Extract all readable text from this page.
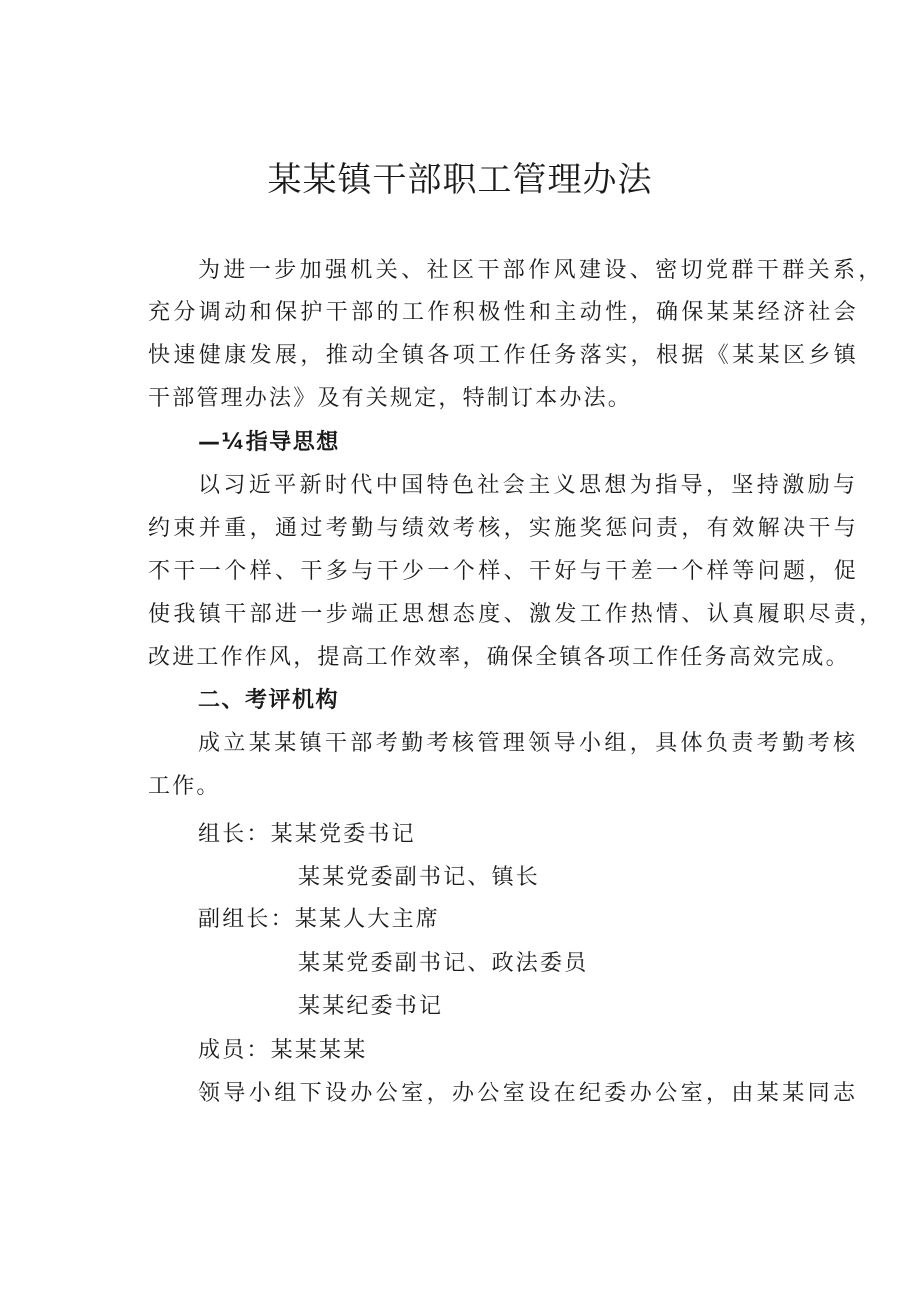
某某镇干部职工管理办法
为进一步加强机关、社区干部作风建设、密切党群干群关系，
充分调动和保护干部的工作积极性和主动性，确保某某经济社会
快速健康发展，推动全镇各项工作任务落实，根据《某某区乡镇
干部管理办法》及有关规定，特制订本办法。
—¼指导思想
以习近平新时代中国特色社会主义思想为指导，坚持激励与
约束并重，通过考勤与绩效考核，实施奖惩问责，有效解决干与
不干一个样、干多与干少一个样、干好与干差一个样等问题，促
使我镇干部进一步端正思想态度、激发工作热情、认真履职尽责，
改进工作作风，提高工作效率，确保全镇各项工作任务高效完成。
二、考评机构
成立某某镇干部考勤考核管理领导小组，具体负责考勤考核
工作。
组长：某某党委书记
某某党委副书记、镇长
副组长：某某人大主席
某某党委副书记、政法委员
某某纪委书记
成员：某某某某
领导小组下设办公室，办公室设在纪委办公室，由某某同志
